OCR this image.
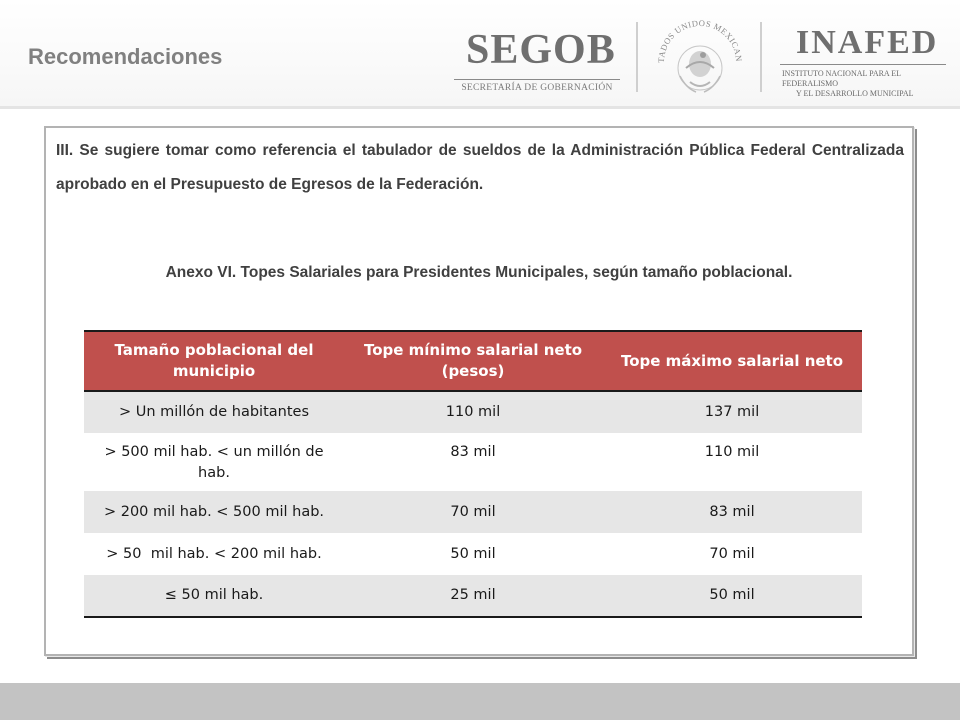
Recomendaciones	SEGOB
SECRETARÍA DE GOBERNACIÓN
TADOS UNIDOS MEXICAN INAFED
INSTITUTO NACIONAL PARA EL FEDERALISMO
Y EL DESARROLLO MUNICIPAL
III. Se sugiere tomar como referencia el tabulador de sueldos de la Administración Pública Federal Centralizada aprobado en el Presupuesto de Egresos de la Federación.
Anexo VI. Topes Salariales para Presidentes Municipales, según tamaño poblacional.
Tamaño poblacional del municipio	Tope mínimo salarial neto (pesos)	Tope máximo salarial neto
> Un millón de habitantes	110 mil	137 mil
> 500 mil hab. < un millón de hab.	83 mil	110 mil
> 200 mil hab. < 500 mil hab.	70 mil	83 mil
> 50  mil hab. < 200 mil hab.	50 mil	70 mil
≤ 50 mil hab.	25 mil	50 mil
